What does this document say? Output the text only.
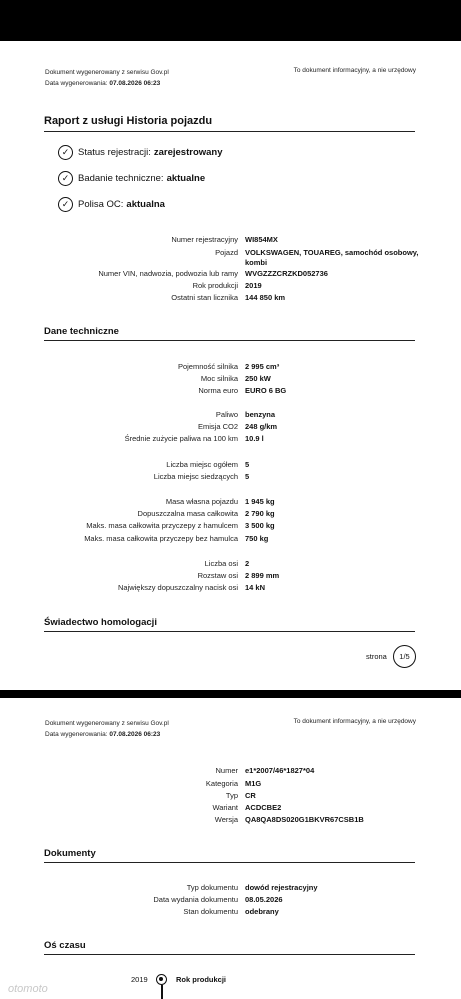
Dokument wygenerowany z serwisu Gov.pl
Data wygenerowania: 07.08.2026 06:23
To dokument informacyjny, a nie urzędowy
Raport z usługi Historia pojazdu
✓ Status rejestracji: zarejestrowany
✓ Badanie techniczne: aktualne
✓ Polisa OC: aktualna
Numer rejestracyjny WI854MX
Pojazd VOLKSWAGEN, TOUAREG, samochód osobowy, kombi
Numer VIN, nadwozia, podwozia lub ramy WVGZZZCRZKD052736
Rok produkcji 2019
Ostatni stan licznika 144 850 km
Dane techniczne
Pojemność silnika 2 995 cm³
Moc silnika 250 kW
Norma euro EURO 6 BG
Paliwo benzyna
Emisja CO2 248 g/km
Średnie zużycie paliwa na 100 km 10.9 l
Liczba miejsc ogółem 5
Liczba miejsc siedzących 5
Masa własna pojazdu 1 945 kg
Dopuszczalna masa całkowita 2 790 kg
Maks. masa całkowita przyczepy z hamulcem 3 500 kg
Maks. masa całkowita przyczepy bez hamulca 750 kg
Liczba osi 2
Rozstaw osi 2 899 mm
Największy dopuszczalny nacisk osi 14 kN
Świadectwo homologacji
strona	1/5
Dokument wygenerowany z serwisu Gov.pl
Data wygenerowania: 07.08.2026 06:23
To dokument informacyjny, a nie urzędowy
Numer e1*2007/46*1827*04
Kategoria M1G
Typ CR
Wariant ACDCBE2
Wersja QA8QA8DS020G1BKVR67CSB1B
Dokumenty
Typ dokumentu dowód rejestracyjny
Data wydania dokumentu 08.05.2026
Stan dokumentu odebrany
Oś czasu
2019	Rok produkcji
otomoto
